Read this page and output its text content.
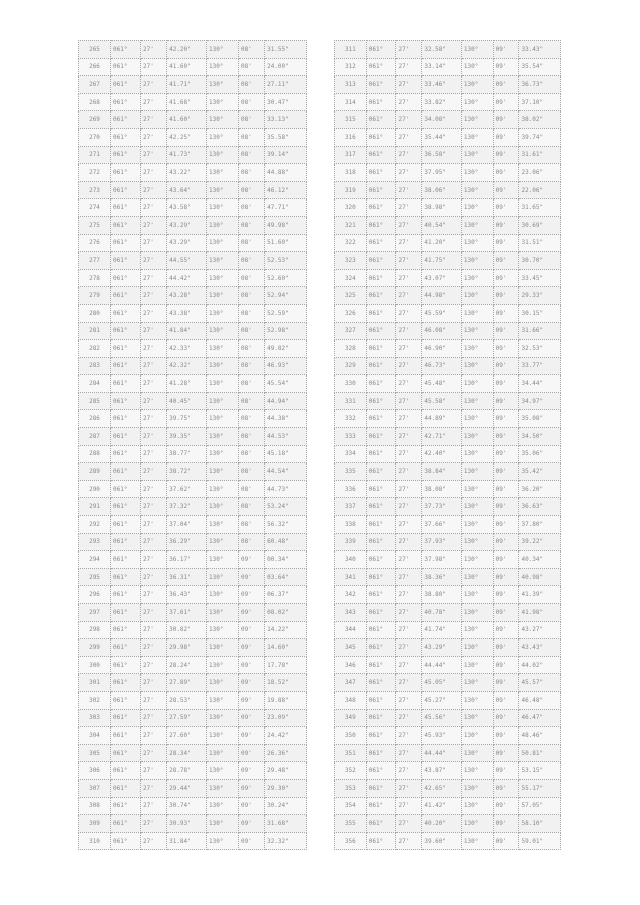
265	061°	27'	42.20"	130°	08'	31.55"
266	061°	27'	41.60"	130°	08'	24.00"
267	061°	27'	41.71"	130°	08'	27.11"
268	061°	27'	41.68"	130°	08'	30.47"
269	061°	27'	41.60"	130°	08'	33.13"
270	061°	27'	42.25"	130°	08'	35.58"
271	061°	27'	41.73"	130°	08'	39.14"
272	061°	27'	43.22"	130°	08'	44.88"
273	061°	27'	43.64"	130°	08'	46.12"
274	061°	27'	43.58"	130°	08'	47.71"
275	061°	27'	43.29"	130°	08'	49.98"
276	061°	27'	43.29"	130°	08'	51.60"
277	061°	27'	44.55"	130°	08'	52.53"
278	061°	27'	44.42"	130°	08'	52.60"
279	061°	27'	43.28"	130°	08'	52.94"
280	061°	27'	43.38"	130°	08'	52.59"
281	061°	27'	41.84"	130°	08'	52.98"
282	061°	27'	42.33"	130°	08'	49.82"
283	061°	27'	42.32"	130°	08'	46.93"
284	061°	27'	41.28"	130°	08'	45.54"
285	061°	27'	40.45"	130°	08'	44.94"
286	061°	27'	39.75"	130°	08'	44.38"
287	061°	27'	39.35"	130°	08'	44.53"
288	061°	27'	38.77"	130°	08'	45.18"
289	061°	27'	38.72"	130°	08'	44.54"
290	061°	27'	37.62"	130°	08'	44.73"
291	061°	27'	37.32"	130°	08'	53.24"
292	061°	27'	37.04"	130°	08'	56.32"
293	061°	27'	36.29"	130°	08'	60.48"
294	061°	27'	36.17"	130°	09'	00.34"
295	061°	27'	36.31"	130°	09'	03.64"
296	061°	27'	36.43"	130°	09'	06.37"
297	061°	27'	37.61"	130°	09'	08.02"
298	061°	27'	30.82"	130°	09'	14.22"
299	061°	27'	29.98"	130°	09'	14.60"
300	061°	27'	28.24"	130°	09'	17.78"
301	061°	27'	27.89"	130°	09'	18.52"
302	061°	27'	28.53"	130°	09'	19.88"
303	061°	27'	27.59"	130°	09'	23.09"
304	061°	27'	27.60"	130°	09'	24.42"
305	061°	27'	28.34"	130°	09'	26.36"
306	061°	27'	28.78"	130°	09'	29.48"
307	061°	27'	29.44"	130°	09'	29.30"
308	061°	27'	30.74"	130°	09'	30.24"
309	061°	27'	30.93"	130°	09'	31.68"
310	061°	27'	31.84"	130°	09'	32.32"
311	061°	27'	32.58"	130°	09'	33.43"
312	061°	27'	33.14"	130°	09'	35.54"
313	061°	27'	33.46"	130°	09'	36.73"
314	061°	27'	33.82"	130°	09'	37.10"
315	061°	27'	34.08"	130°	09'	38.02"
316	061°	27'	35.44"	130°	09'	39.74"
317	061°	27'	36.58"	130°	09'	31.61"
318	061°	27'	37.95"	130°	09'	23.06"
319	061°	27'	38.06"	130°	09'	22.06"
320	061°	27'	38.98"	130°	09'	31.65"
321	061°	27'	40.54"	130°	09'	30.69"
322	061°	27'	41.20"	130°	09'	31.51"
323	061°	27'	41.75"	130°	09'	30.70"
324	061°	27'	43.07"	130°	09'	33.45"
325	061°	27'	44.98"	130°	09'	29.33"
326	061°	27'	45.59"	130°	09'	30.15"
327	061°	27'	46.08"	130°	09'	31.66"
328	061°	27'	46.90"	130°	09'	32.53"
329	061°	27'	46.73"	130°	09'	33.77"
330	061°	27'	45.48"	130°	09'	34.44"
331	061°	27'	45.58"	130°	09'	34.97"
332	061°	27'	44.89"	130°	09'	35.08"
333	061°	27'	42.71"	130°	09'	34.50"
334	061°	27'	42.40"	130°	09'	35.06"
335	061°	27'	38.84"	130°	09'	35.42"
336	061°	27'	38.08"	130°	09'	36.20"
337	061°	27'	37.73"	130°	09'	36.63"
338	061°	27'	37.66"	130°	09'	37.80"
339	061°	27'	37.93"	130°	09'	39.22"
340	061°	27'	37.98"	130°	09'	40.34"
341	061°	27'	38.36"	130°	09'	40.98"
342	061°	27'	38.80"	130°	09'	41.39"
343	061°	27'	40.78"	130°	09'	41.98"
344	061°	27'	41.74"	130°	09'	43.27"
345	061°	27'	43.29"	130°	09'	43.43"
346	061°	27'	44.44"	130°	09'	44.02"
347	061°	27'	45.05"	130°	09'	45.57"
348	061°	27'	45.27"	130°	09'	46.48"
349	061°	27'	45.56"	130°	09'	46.47"
350	061°	27'	45.93"	130°	09'	48.46"
351	061°	27'	44.44"	130°	09'	50.81"
352	061°	27'	43.87"	130°	09'	53.15"
353	061°	27'	42.65"	130°	09'	55.17"
354	061°	27'	41.42"	130°	09'	57.05"
355	061°	27'	40.20"	130°	09'	58.10"
356	061°	27'	39.60"	130°	09'	59.01"
